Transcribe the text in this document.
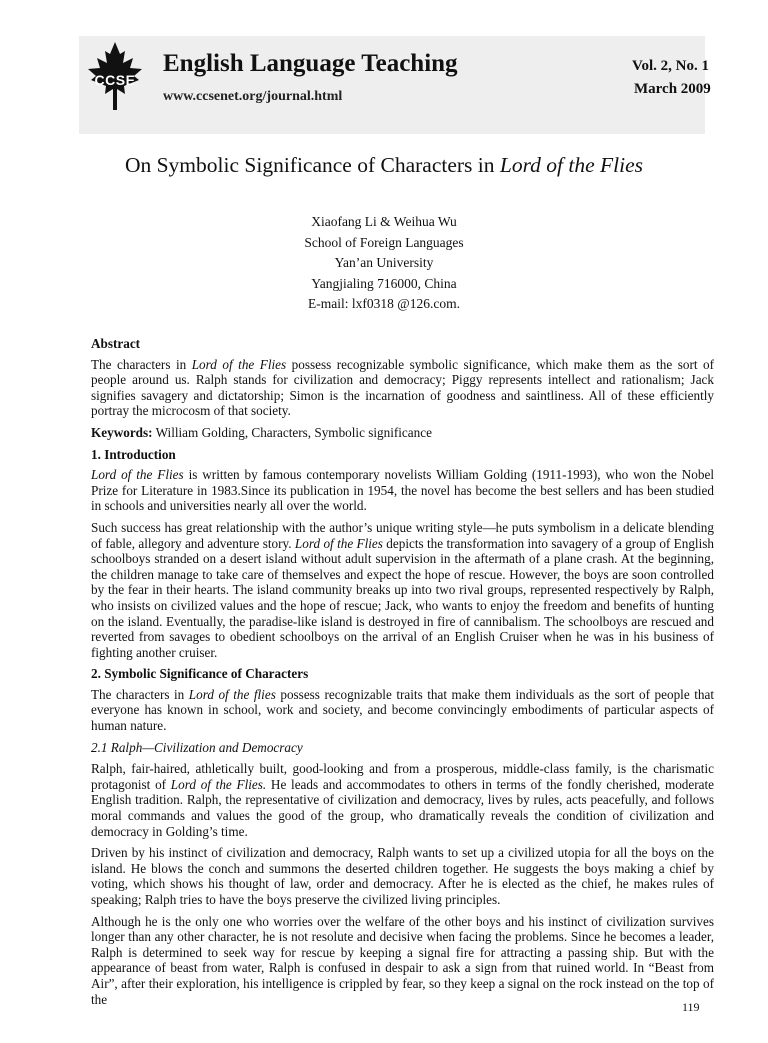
CCSE
English Language Teaching
www.ccsenet.org/journal.html
Vol. 2, No. 1
March 2009
On Symbolic Significance of Characters in Lord of the Flies
Xiaofang Li & Weihua Wu
School of Foreign Languages
Yan’an University
Yangjialing 716000, China
E-mail: lxf0318 @126.com.
Abstract

The characters in Lord of the Flies possess recognizable symbolic significance, which make them as the sort of people around us. Ralph stands for civilization and democracy; Piggy represents intellect and rationalism; Jack signifies savagery and dictatorship; Simon is the incarnation of goodness and saintliness. All of these efficiently portray the microcosm of that society.

Keywords: William Golding, Characters, Symbolic significance

1. Introduction

Lord of the Flies is written by famous contemporary novelists William Golding (1911-1993), who won the Nobel Prize for Literature in 1983.Since its publication in 1954, the novel has become the best sellers and has been studied in schools and universities nearly all over the world.

Such success has great relationship with the author’s unique writing style—he puts symbolism in a delicate blending of fable, allegory and adventure story. Lord of the Flies depicts the transformation into savagery of a group of English schoolboys stranded on a desert island without adult supervision in the aftermath of a plane crash. At the beginning, the children manage to take care of themselves and expect the hope of rescue. However, the boys are soon controlled by the fear in their hearts. The island community breaks up into two rival groups, represented respectively by Ralph, who insists on civilized values and the hope of rescue; Jack, who wants to enjoy the freedom and benefits of hunting on the island. Eventually, the paradise-like island is destroyed in fire of cannibalism. The schoolboys are rescued and reverted from savages to obedient schoolboys on the arrival of an English Cruiser when he was in his business of fighting another cruiser.

2. Symbolic Significance of Characters

The characters in Lord of the flies possess recognizable traits that make them individuals as the sort of people that everyone has known in school, work and society, and become convincingly embodiments of particular aspects of human nature.

2.1 Ralph—Civilization and Democracy

Ralph, fair-haired, athletically built, good-looking and from a prosperous, middle-class family, is the charismatic protagonist of Lord of the Flies. He leads and accommodates to others in terms of the fondly cherished, moderate English tradition. Ralph, the representative of civilization and democracy, lives by rules, acts peacefully, and follows moral commands and values the good of the group, who dramatically reveals the condition of civilization and democracy in Golding’s time.

Driven by his instinct of civilization and democracy, Ralph wants to set up a civilized utopia for all the boys on the island. He blows the conch and summons the deserted children together. He suggests the boys making a chief by voting, which shows his thought of law, order and democracy. After he is elected as the chief, he makes rules of speaking; Ralph tries to have the boys preserve the civilized living principles.

Although he is the only one who worries over the welfare of the other boys and his instinct of civilization survives longer than any other character, he is not resolute and decisive when facing the problems. Since he becomes a leader, Ralph is determined to seek way for rescue by keeping a signal fire for attracting a passing ship. But with the appearance of beast from water, Ralph is confused in despair to ask a sign from that ruined world. In “Beast from Air”, after their exploration, his intelligence is crippled by fear, so they keep a signal on the rock instead on the top of the

119
